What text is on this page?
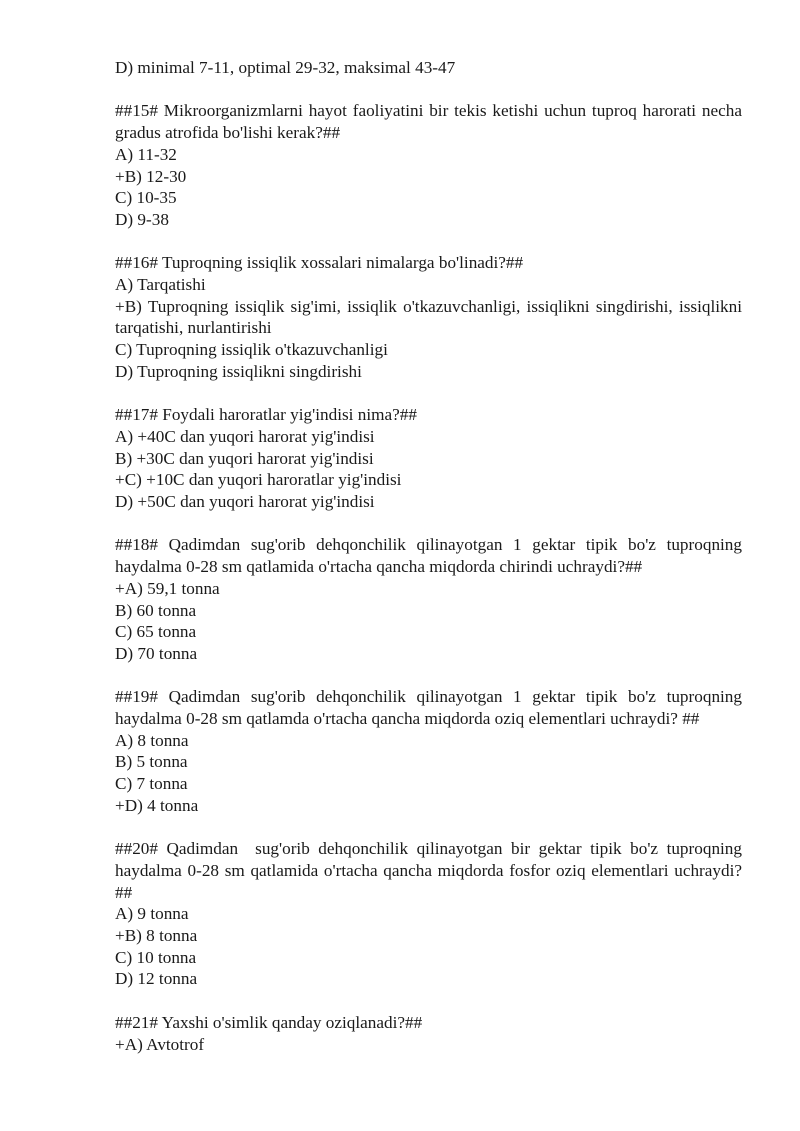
D) minimal 7-11, optimal 29-32, maksimal 43-47
##15# Mikroorganizmlarni hayot faoliyatini bir tekis ketishi uchun tuproq harorati necha gradus atrofida bo'lishi kerak?##
A) 11-32
+B) 12-30
C) 10-35
D) 9-38
##16# Tuproqning issiqlik xossalari nimalarga bo'linadi?##
A) Tarqatishi
+B) Tuproqning issiqlik sig'imi, issiqlik o'tkazuvchanligi, issiqlikni singdirishi, issiqlikni tarqatishi, nurlantirishi
C) Tuproqning issiqlik o'tkazuvchanligi
D) Tuproqning issiqlikni singdirishi
##17# Foydali haroratlar yig'indisi nima?##
A) +40C dan yuqori harorat yig'indisi
B) +30C dan yuqori harorat yig'indisi
+C) +10C dan yuqori haroratlar yig'indisi
D) +50C dan yuqori harorat yig'indisi
##18# Qadimdan sug'orib dehqonchilik qilinayotgan 1 gektar tipik bo'z tuproqning haydalma 0-28 sm qatlamida o'rtacha qancha miqdorda chirindi uchraydi?##
+A) 59,1 tonna
B) 60 tonna
C) 65 tonna
D) 70 tonna
##19# Qadimdan sug'orib dehqonchilik qilinayotgan 1 gektar tipik bo'z tuproqning haydalma 0-28 sm qatlamda o'rtacha qancha miqdorda oziq elementlari uchraydi? ##
A) 8 tonna
B) 5 tonna
C) 7 tonna
+D) 4 tonna
##20# Qadimdan  sug'orib dehqonchilik qilinayotgan bir gektar tipik bo'z tuproqning haydalma 0-28 sm qatlamida o'rtacha qancha miqdorda fosfor oziq elementlari uchraydi?##
A) 9 tonna
+B) 8 tonna
C) 10 tonna
D) 12 tonna
##21# Yaxshi o'simlik qanday oziqlanadi?##
+A) Avtotrof
